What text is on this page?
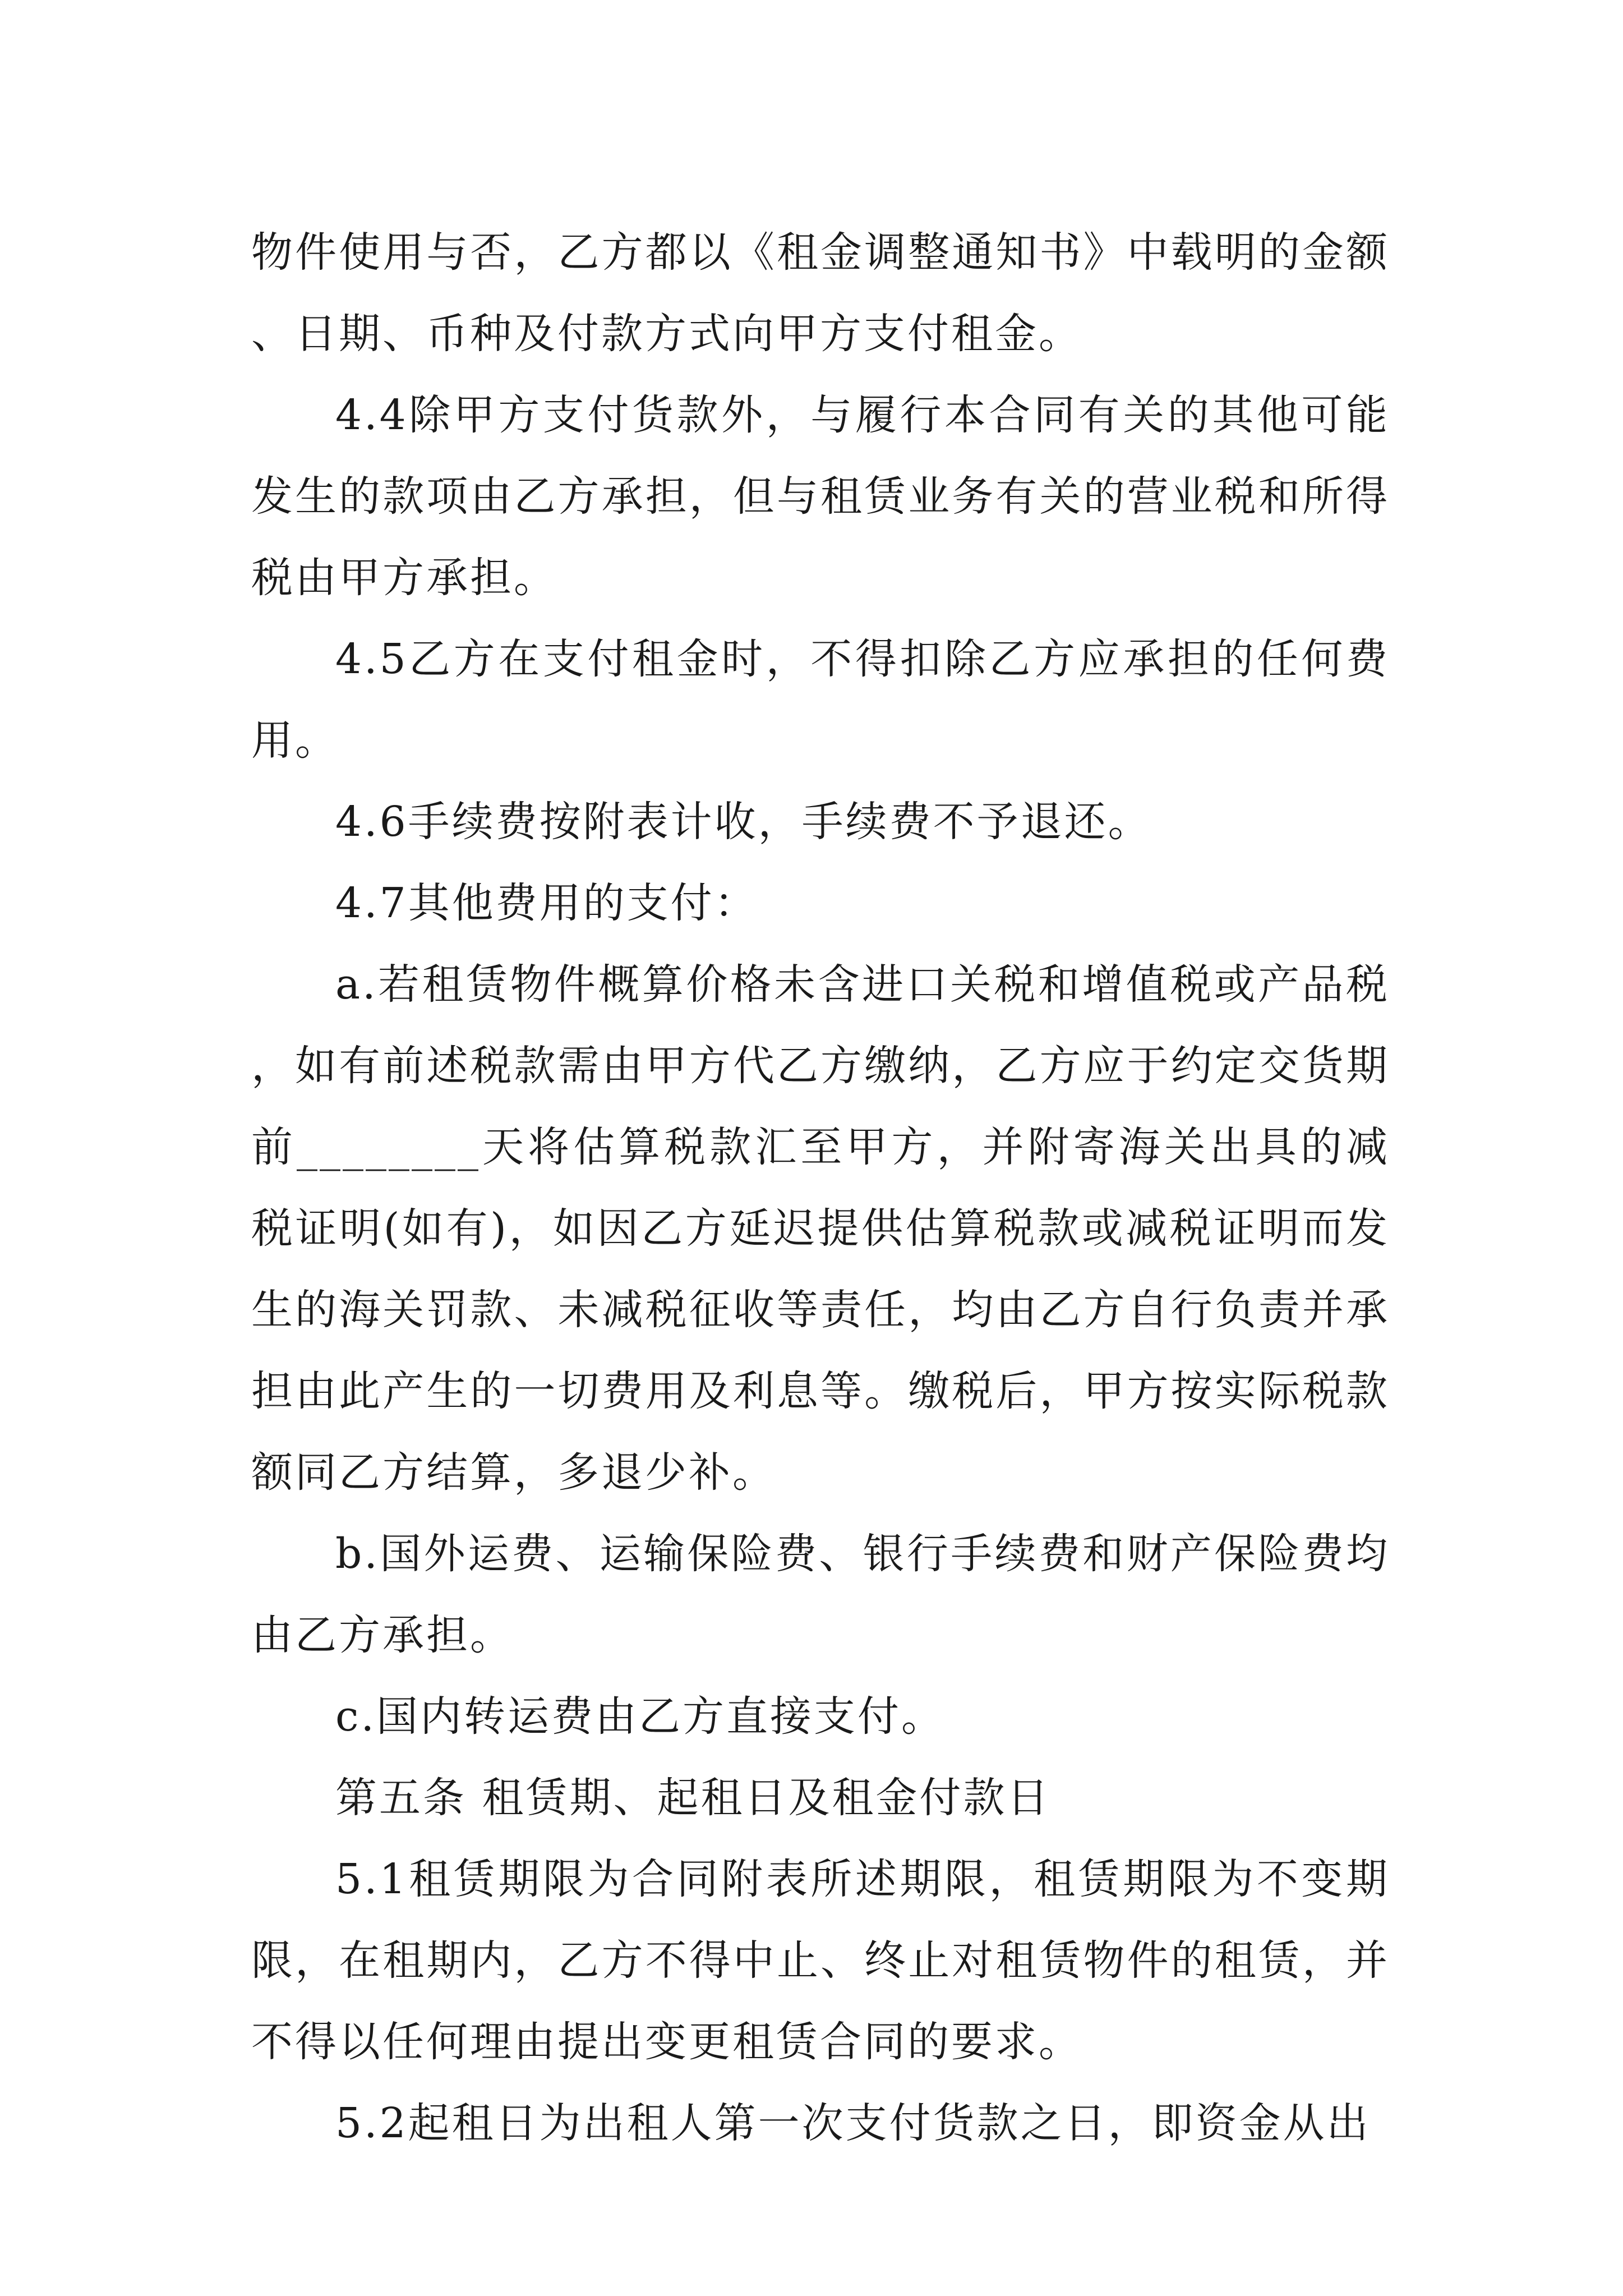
物件使用与否，乙方都以《租金调整通知书》中载明的金额、日期、币种及付款方式向甲方支付租金。

4.4除甲方支付货款外，与履行本合同有关的其他可能发生的款项由乙方承担，但与租赁业务有关的营业税和所得税由甲方承担。

4.5乙方在支付租金时，不得扣除乙方应承担的任何费用。

4.6手续费按附表计收，手续费不予退还。

4.7其他费用的支付：

a.若租赁物件概算价格未含进口关税和增值税或产品税，如有前述税款需由甲方代乙方缴纳，乙方应于约定交货期前________天将估算税款汇至甲方，并附寄海关出具的减税证明(如有)，如因乙方延迟提供估算税款或减税证明而发生的海关罚款、未减税征收等责任，均由乙方自行负责并承担由此产生的一切费用及利息等。缴税后，甲方按实际税款额同乙方结算，多退少补。

b.国外运费、运输保险费、银行手续费和财产保险费均由乙方承担。

c.国内转运费由乙方直接支付。

第五条 租赁期、起租日及租金付款日

5.1租赁期限为合同附表所述期限，租赁期限为不变期限，在租期内，乙方不得中止、终止对租赁物件的租赁，并不得以任何理由提出变更租赁合同的要求。

5.2起租日为出租人第一次支付货款之日，即资金从出
